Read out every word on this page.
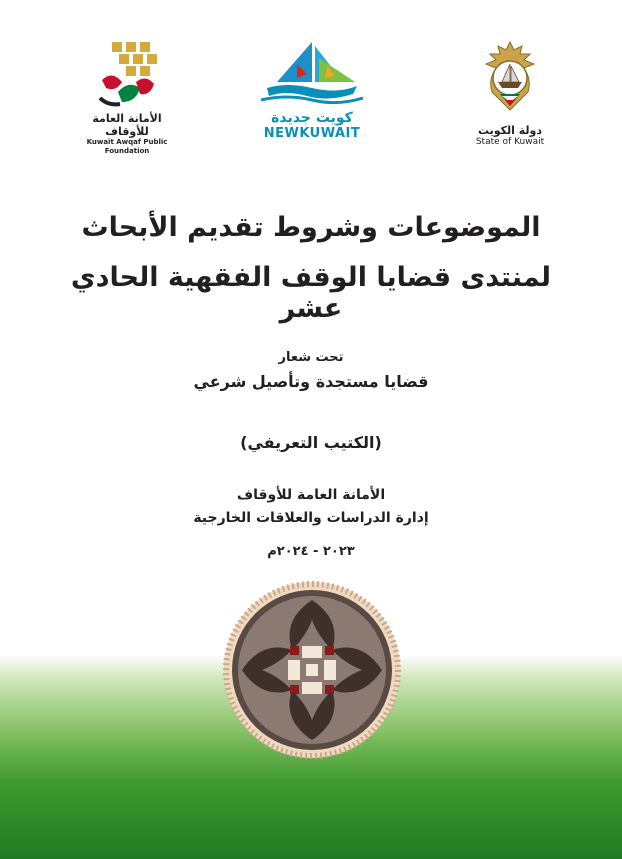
الأمانة العامة للأوقاف
Kuwait Awqaf Public Foundation
كويت جديدة
NEWKUWAIT	دولة الكويت
State of Kuwait
الموضوعات وشروط تقديم الأبحاث
لمنتدى قضايا الوقف الفقهية الحادي عشر
تحت شعار
قضايا مستجدة وتأصيل شرعي
(الكتيب التعريفي)
الأمانة العامة للأوقاف
إدارة الدراسات والعلاقات الخارجية
٢٠٢٣ - ٢٠٢٤م
